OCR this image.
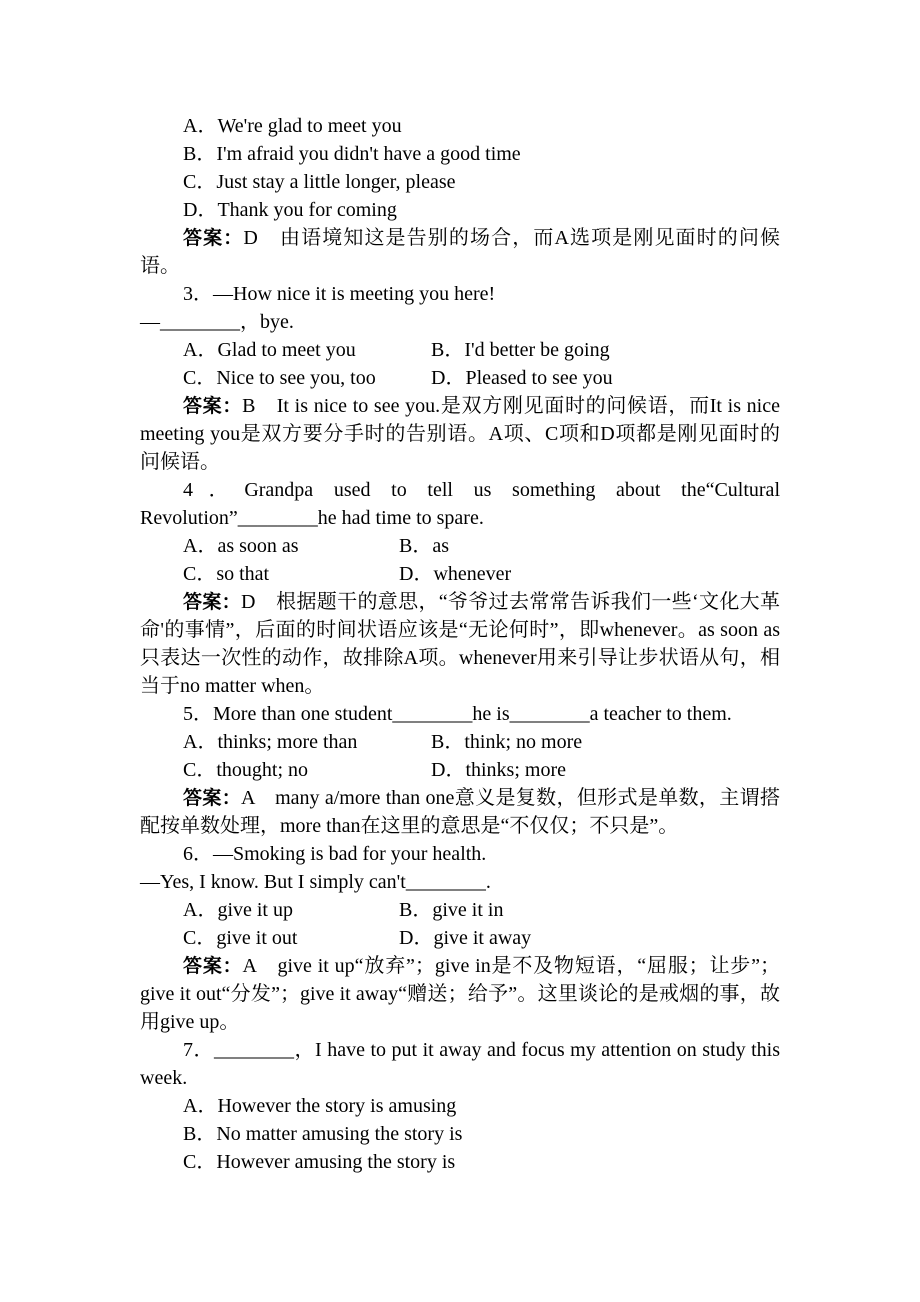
A．We're glad to meet you
B．I'm afraid you didn't have a good time
C．Just stay a little longer, please
D．Thank you for coming
答案：D　由语境知这是告别的场合，而A选项是刚见面时的问候语。
3．—How nice it is meeting you here!
—________，bye.
A．Glad to meet you	B．I'd better be going
C．Nice to see you, too	D．Pleased to see you
答案：B　It is nice to see you.是双方刚见面时的问候语，而It is nice meeting you是双方要分手时的告别语。A项、C项和D项都是刚见面时的问候语。
4．Grandpa used to tell us something about the“Cultural
Revolution”________he had time to spare.
A．as soon as	B．as
C．so that	D．whenever
答案：D　根据题干的意思，“爷爷过去常常告诉我们一些‘文化大革命'的事情”，后面的时间状语应该是“无论何时”，即whenever。as soon as只表达一次性的动作，故排除A项。whenever用来引导让步状语从句，相当于no matter when。
5．More than one student________he is________a teacher to them.
A．thinks; more than	B．think; no more
C．thought; no	D．thinks; more
答案：A　many a/more than one意义是复数，但形式是单数，主谓搭配按单数处理，more than在这里的意思是“不仅仅；不只是”。
6．—Smoking is bad for your health.
—Yes, I know. But I simply can't________.
A．give it up	B．give it in
C．give it out	D．give it away
答案：A　give it up“放弃”；give in是不及物短语，“屈服；让步”；give it out“分发”；give it away“赠送；给予”。这里谈论的是戒烟的事，故用give up。
7．________，I have to put it away and focus my attention on study this week.
A．However the story is amusing
B．No matter amusing the story is
C．However amusing the story is
